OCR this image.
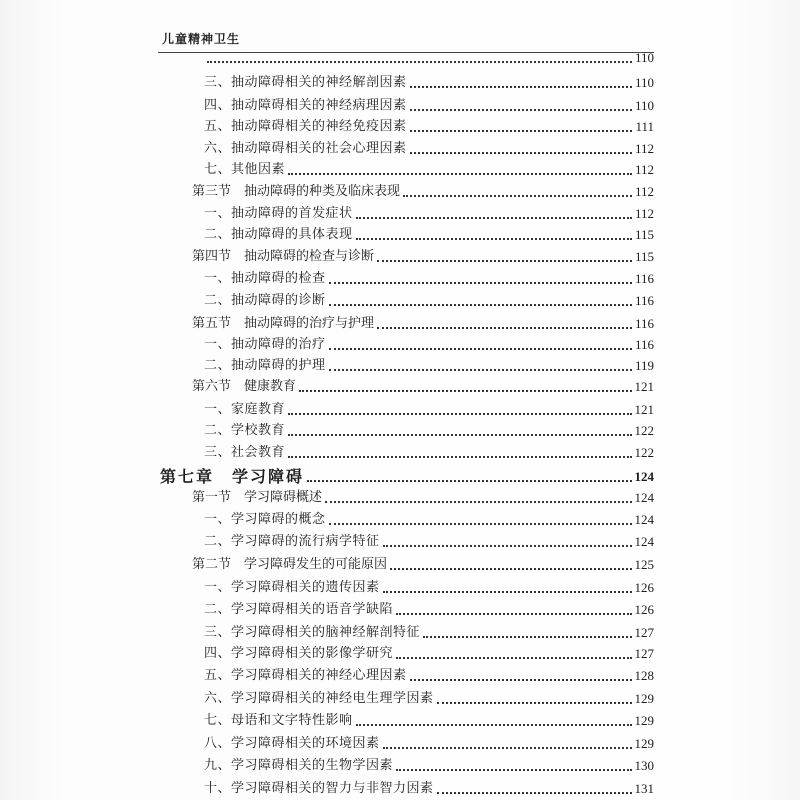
儿童精神卫生
110
三、抽动障碍相关的神经解剖因素	110
四、抽动障碍相关的神经病理因素	110
五、抽动障碍相关的神经免疫因素	111
六、抽动障碍相关的社会心理因素	112
七、其他因素	112
第三节　抽动障碍的种类及临床表现	112
一、抽动障碍的首发症状	112
二、抽动障碍的具体表现	115
第四节　抽动障碍的检查与诊断	115
一、抽动障碍的检查	116
二、抽动障碍的诊断	116
第五节　抽动障碍的治疗与护理	116
一、抽动障碍的治疗	116
二、抽动障碍的护理	119
第六节　健康教育	121
一、家庭教育	121
二、学校教育	122
三、社会教育	122
第七章　学习障碍	124
第一节　学习障碍概述	124
一、学习障碍的概念	124
二、学习障碍的流行病学特征	124
第二节　学习障碍发生的可能原因	125
一、学习障碍相关的遗传因素	126
二、学习障碍相关的语音学缺陷	126
三、学习障碍相关的脑神经解剖特征	127
四、学习障碍相关的影像学研究	127
五、学习障碍相关的神经心理因素	128
六、学习障碍相关的神经电生理学因素	129
七、母语和文字特性影响	129
八、学习障碍相关的环境因素	129
九、学习障碍相关的生物学因素	130
十、学习障碍相关的智力与非智力因素	131
